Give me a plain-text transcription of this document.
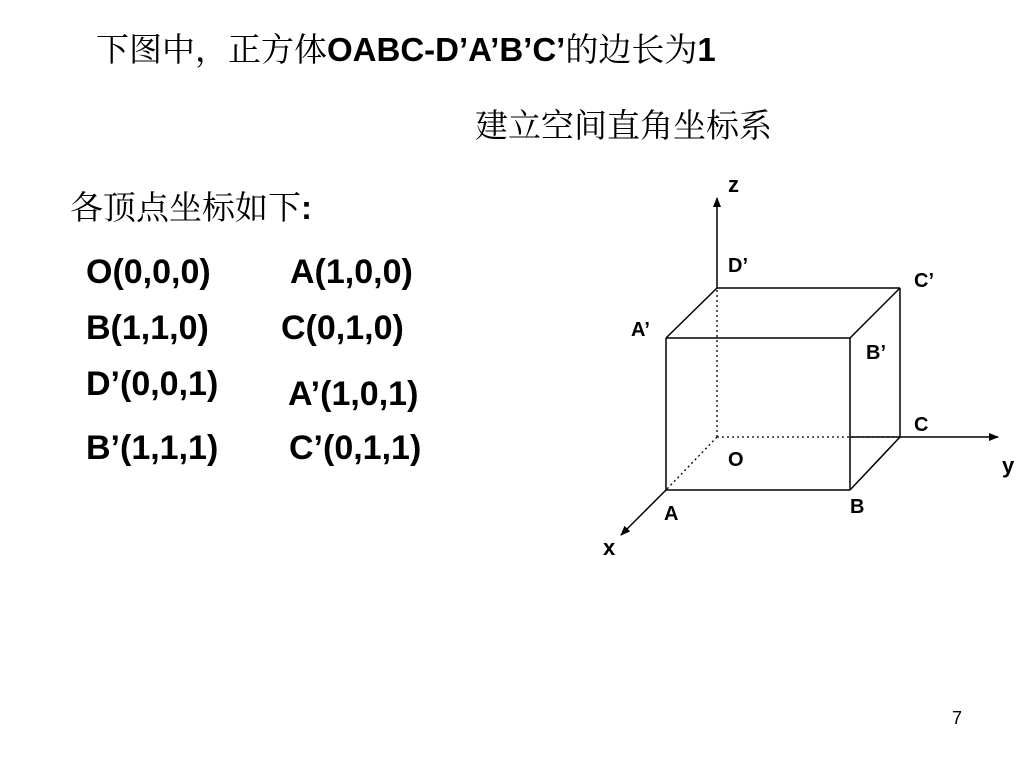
下图中，正方体OABC-D’A’B’C’的边长为1
建立空间直角坐标系
各顶点坐标如下:
O(0,0,0) A(1,0,0)
B(1,1,0) C(0,1,0)
D’(0,0,1) A’(1,0,1)
B’(1,1,1) C’(0,1,1)
z
y
x
D’
C’
A’
B’
C
O
B
A
7
